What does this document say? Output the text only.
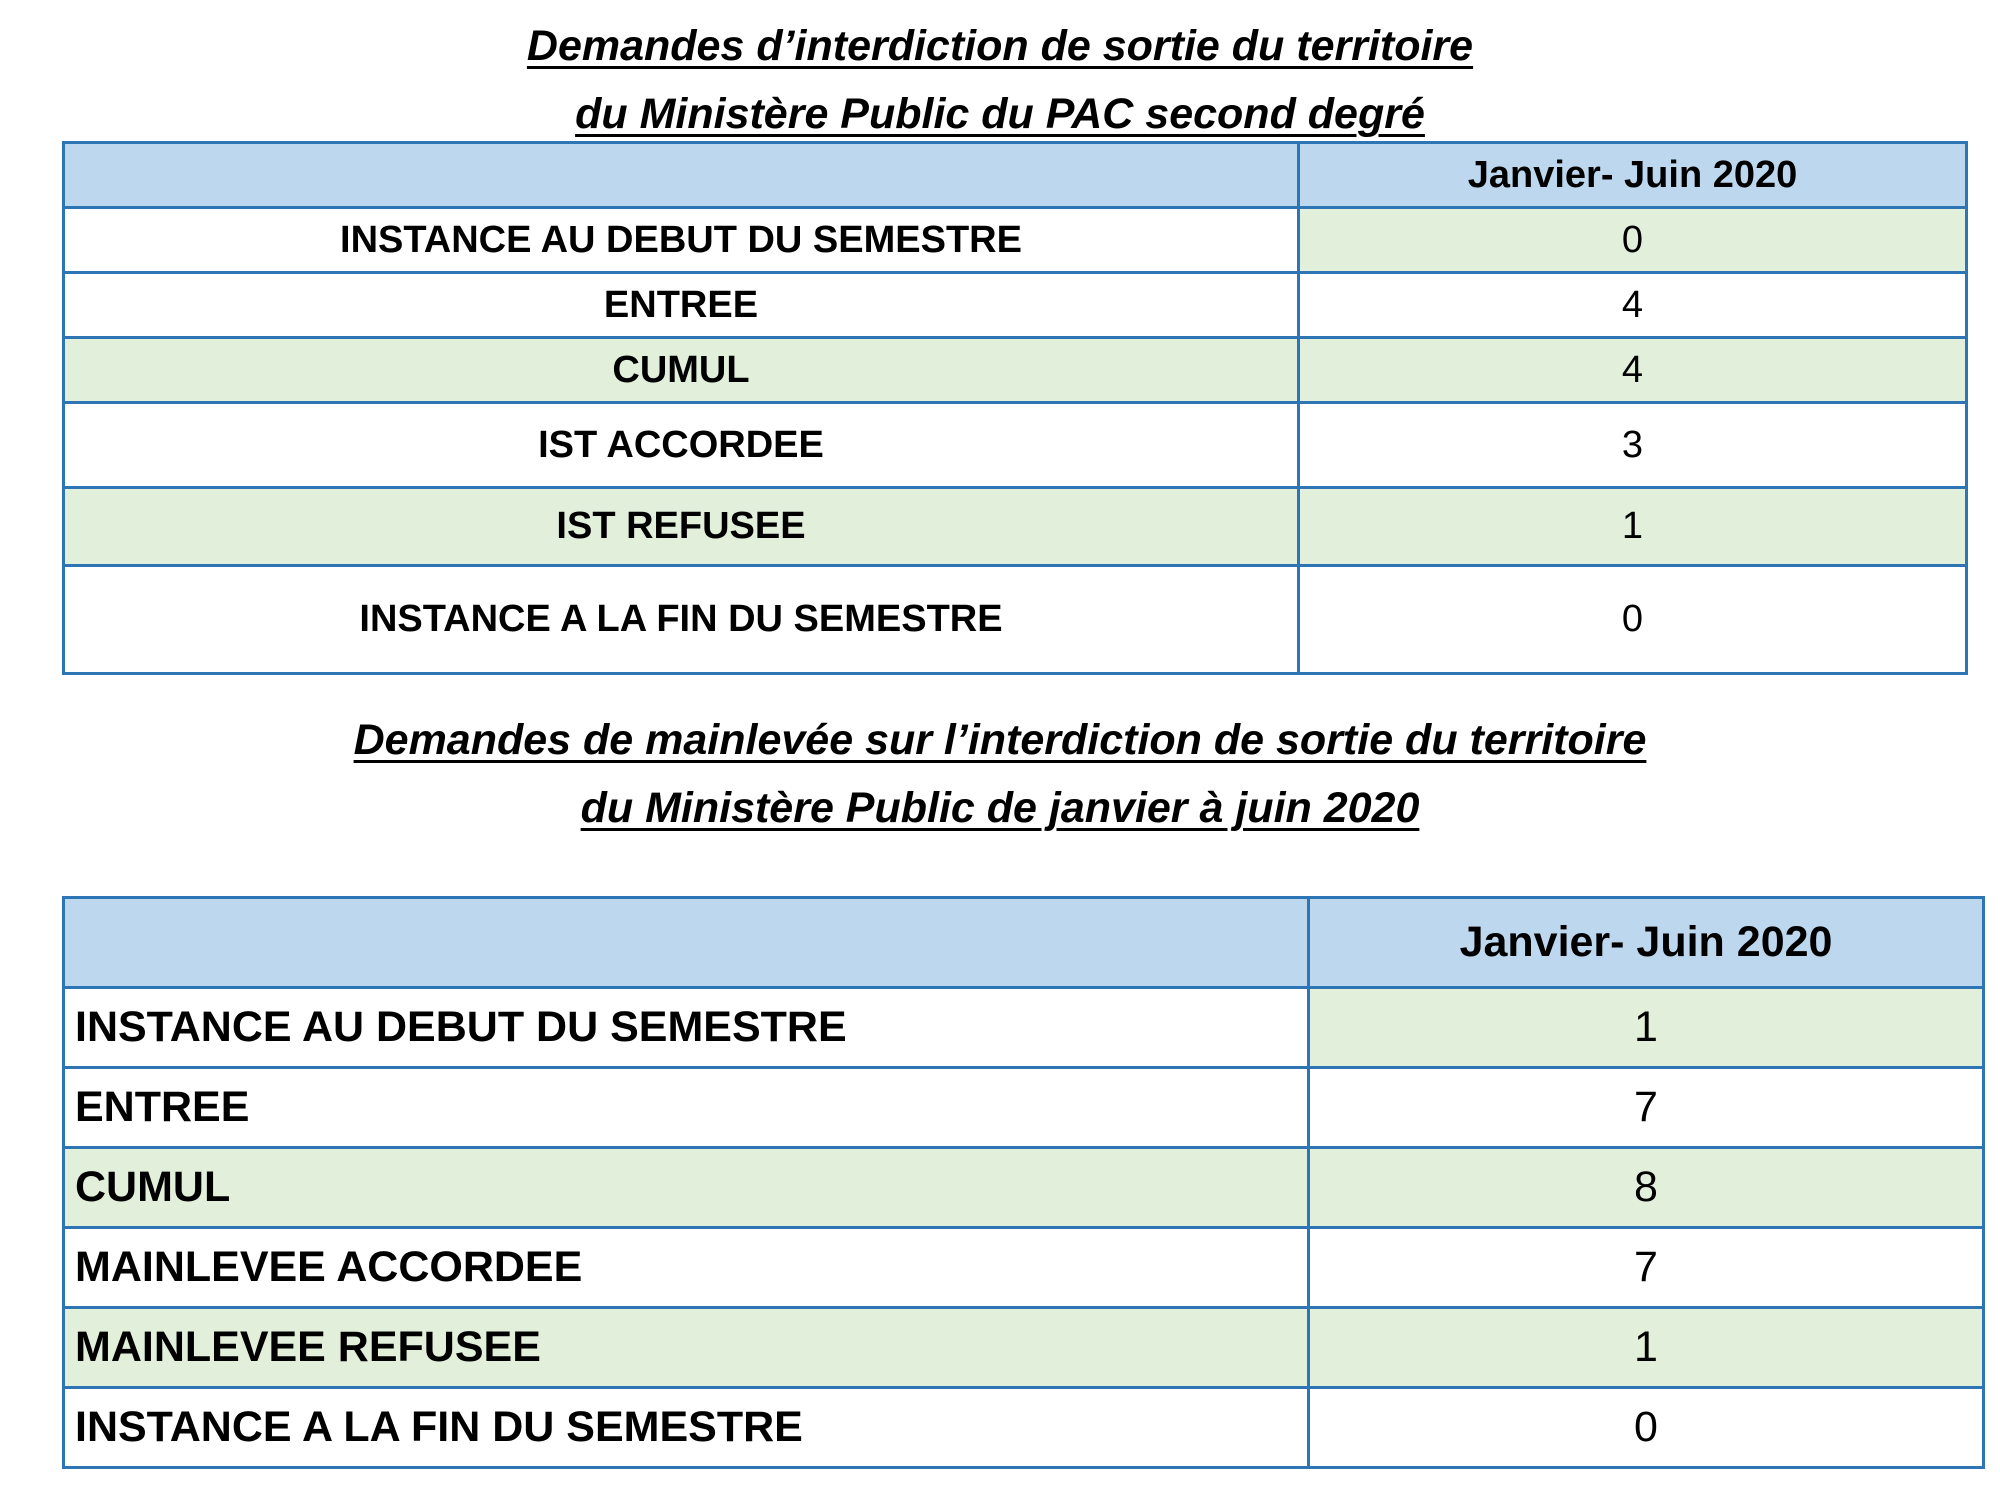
Demandes d’interdiction de sortie du territoire
du Ministère Public du PAC second degré
	Janvier- Juin 2020
INSTANCE AU DEBUT DU SEMESTRE	0
ENTREE	4
CUMUL	4
IST ACCORDEE	3
IST REFUSEE	1
INSTANCE A LA FIN DU SEMESTRE	0
Demandes de mainlevée sur l’interdiction de sortie du territoire
du Ministère Public de janvier à juin 2020
	Janvier- Juin 2020
INSTANCE AU DEBUT DU SEMESTRE	1
ENTREE	7
CUMUL	8
MAINLEVEE ACCORDEE	7
MAINLEVEE REFUSEE	1
INSTANCE A LA FIN DU SEMESTRE	0
